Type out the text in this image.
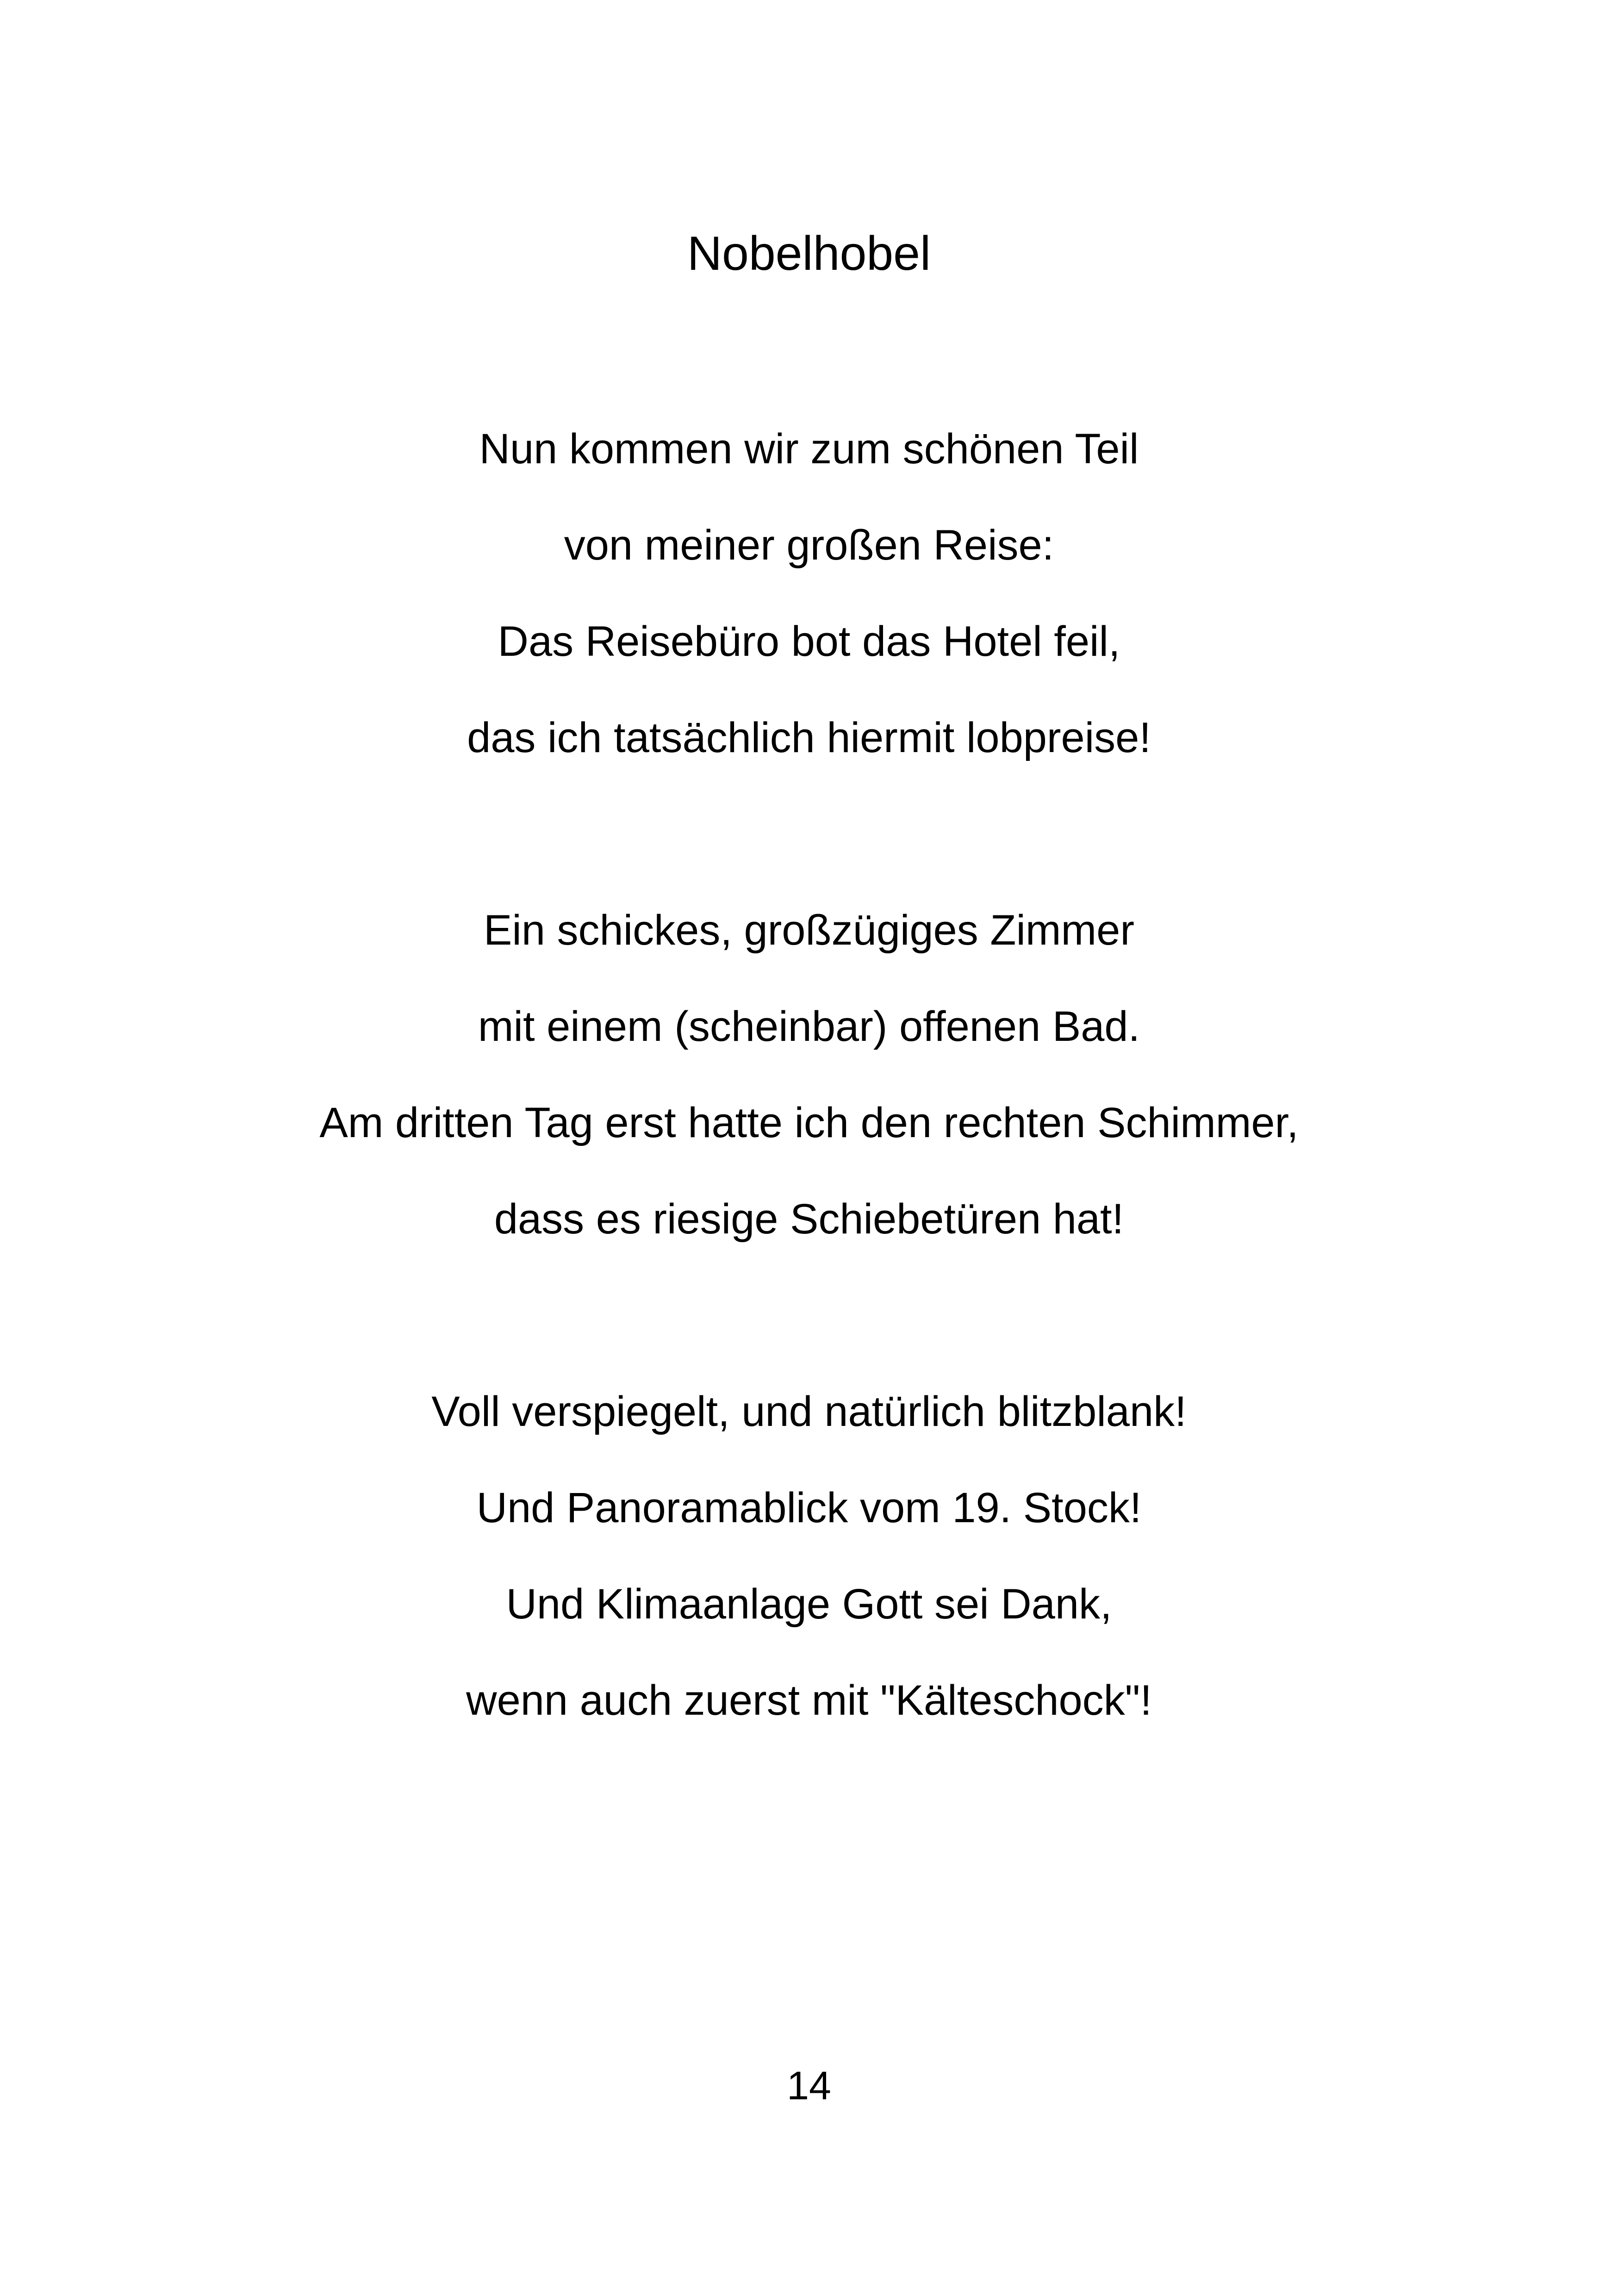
Nobelhobel

Nun kommen wir zum schönen Teil

von meiner großen Reise:

Das Reisebüro bot das Hotel feil,

das ich tatsächlich hiermit lobpreise!

Ein schickes, großzügiges Zimmer

mit einem (scheinbar) offenen Bad.

Am dritten Tag erst hatte ich den rechten Schimmer,

dass es riesige Schiebetüren hat!

Voll verspiegelt, und natürlich blitzblank!

Und Panoramablick vom 19. Stock!

Und Klimaanlage Gott sei Dank,

wenn auch zuerst mit "Kälteschock"!

14
